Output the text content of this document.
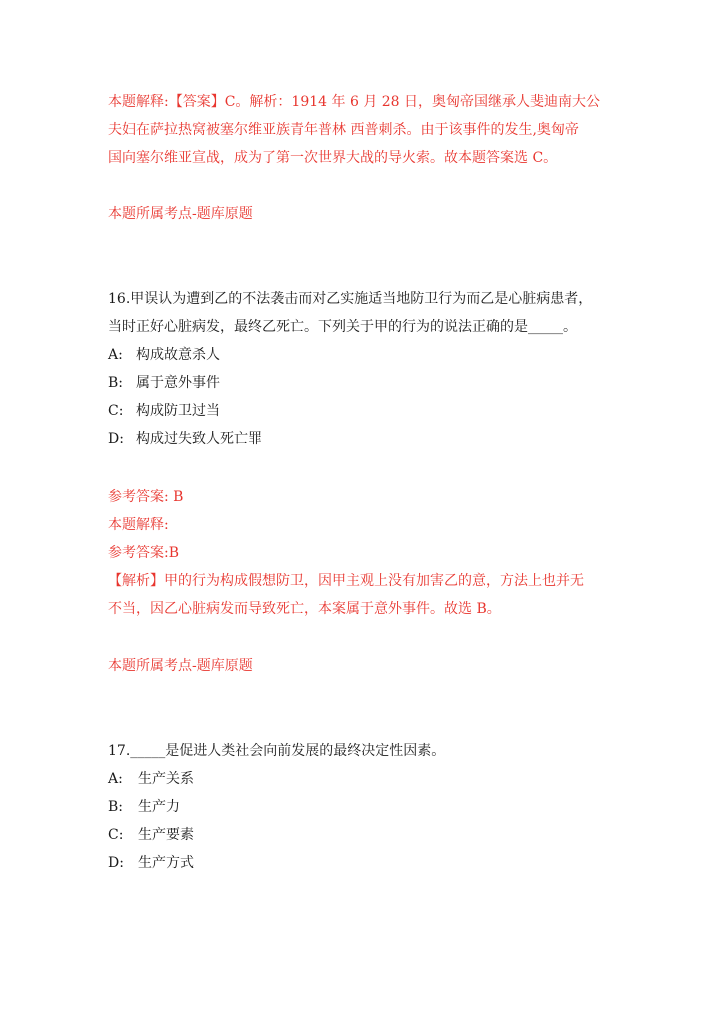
本题解释:【答案】C。解析：1914 年 6 月 28 日，奥匈帝国继承人斐迪南大公
夫妇在萨拉热窝被塞尔维亚族青年普林 西普刺杀。由于该事件的发生,奥匈帝
国向塞尔维亚宣战，成为了第一次世界大战的导火索。故本题答案选 C。
本题所属考点-题库原题
16.甲误认为遭到乙的不法袭击而对乙实施适当地防卫行为而乙是心脏病患者，
当时正好心脏病发，最终乙死亡。下列关于甲的行为的说法正确的是_____。
A: 构成故意杀人
B: 属于意外事件
C: 构成防卫过当
D: 构成过失致人死亡罪
参考答案: B
本题解释:
参考答案:B
【解析】甲的行为构成假想防卫，因甲主观上没有加害乙的意，方法上也并无
不当，因乙心脏病发而导致死亡，本案属于意外事件。故选 B。
本题所属考点-题库原题
17._____是促进人类社会向前发展的最终决定性因素。
A: 生产关系
B: 生产力
C: 生产要素
D: 生产方式
